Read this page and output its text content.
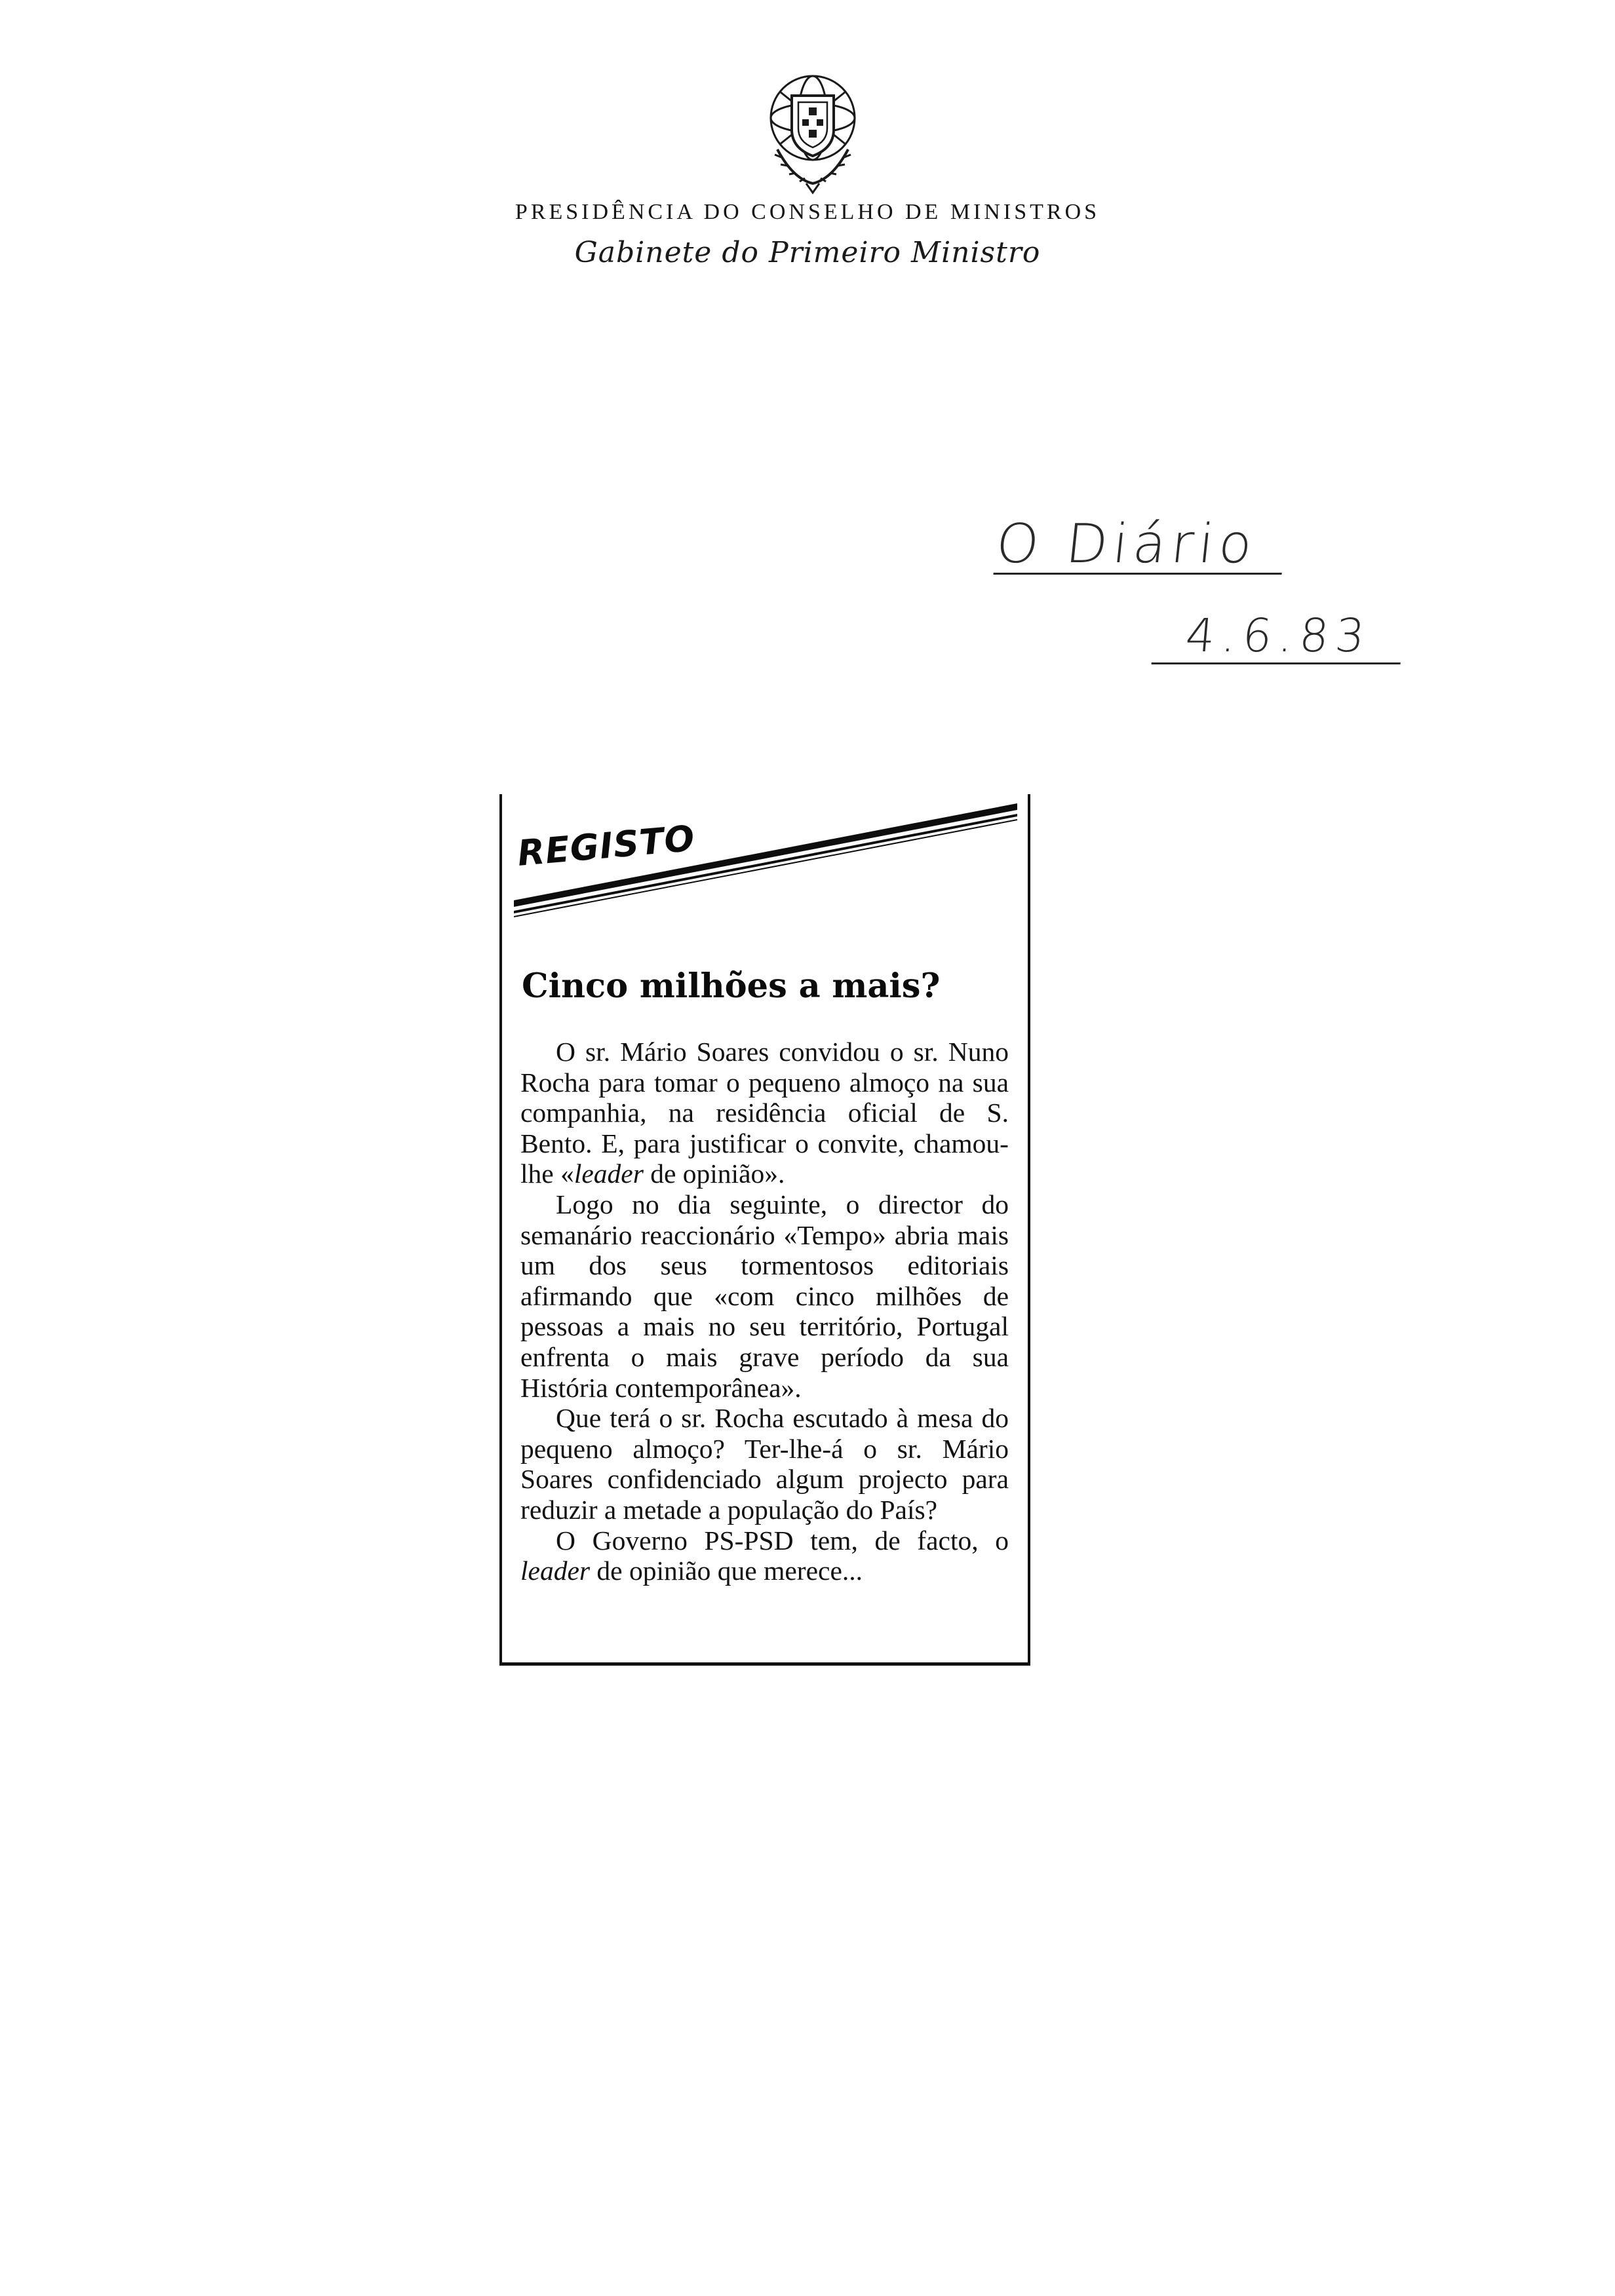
PRESIDÊNCIA DO CONSELHO DE MINISTROS
Gabinete do Primeiro Ministro
O Diário
4.6.83
REGISTO
Cinco milhões a mais?

O sr. Mário Soares convidou o sr. Nuno Rocha para tomar o pequeno almoço na sua companhia, na residência oficial de S. Bento. E, para justificar o convite, chamou-lhe «leader de opinião».

Logo no dia seguinte, o director do semanário reaccionário «Tempo» abria mais um dos seus tormentosos editoriais afirmando que «com cinco milhões de pessoas a mais no seu território, Portugal enfrenta o mais grave período da sua História contemporânea».

Que terá o sr. Rocha escutado à mesa do pequeno almoço? Ter-lhe-á o sr. Mário Soares confidenciado algum projecto para reduzir a metade a população do País?

O Governo PS-PSD tem, de facto, o leader de opinião que merece...
